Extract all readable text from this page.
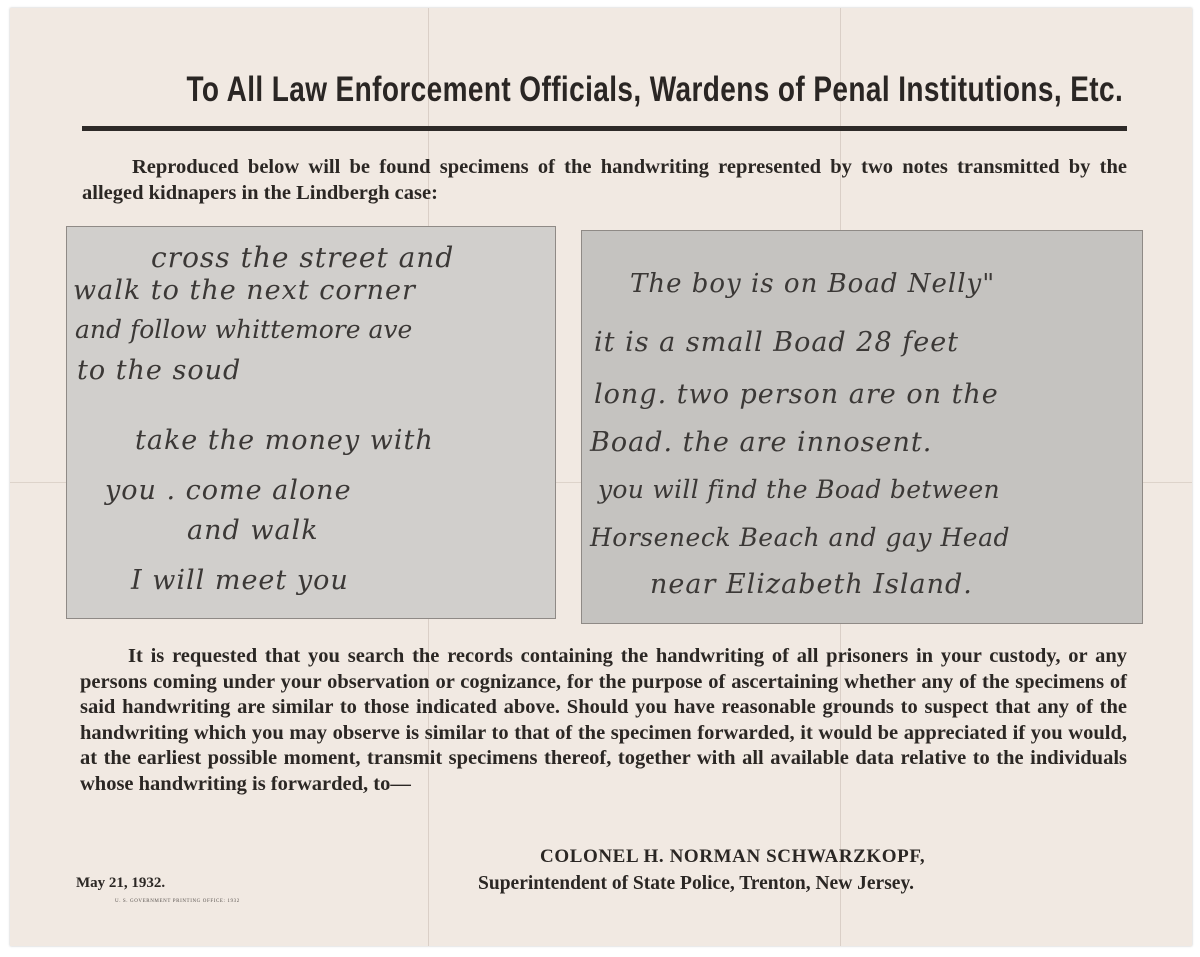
To All Law Enforcement Officials, Wardens of Penal Institutions, Etc.

Reproduced below will be found specimens of the handwriting represented by two notes transmitted by the alleged kidnapers in the Lindbergh case:

cross the street and

walk to the next corner

and follow whittemore ave

to the soud

take the money with

you . come alone

and walk

I will meet you

The boy is on Boad Nelly"

it is a small Boad 28 feet

long. two person are on the

Boad. the are innosent.

you will find the Boad between

Horseneck Beach and gay Head

near Elizabeth Island.

It is requested that you search the records containing the handwriting of all prisoners in your custody, or any persons coming under your observation or cognizance, for the purpose of ascertaining whether any of the specimens of said handwriting are similar to those indicated above. Should you have reasonable grounds to suspect that any of the handwriting which you may observe is similar to that of the specimen forwarded, it would be appreciated if you would, at the earliest possible moment, transmit specimens thereof, together with all available data relative to the individuals whose handwriting is forwarded, to—

May 21, 1932.

U. S. GOVERNMENT PRINTING OFFICE: 1932

COLONEL H. NORMAN SCHWARZKOPF,

Superintendent of State Police, Trenton, New Jersey.
